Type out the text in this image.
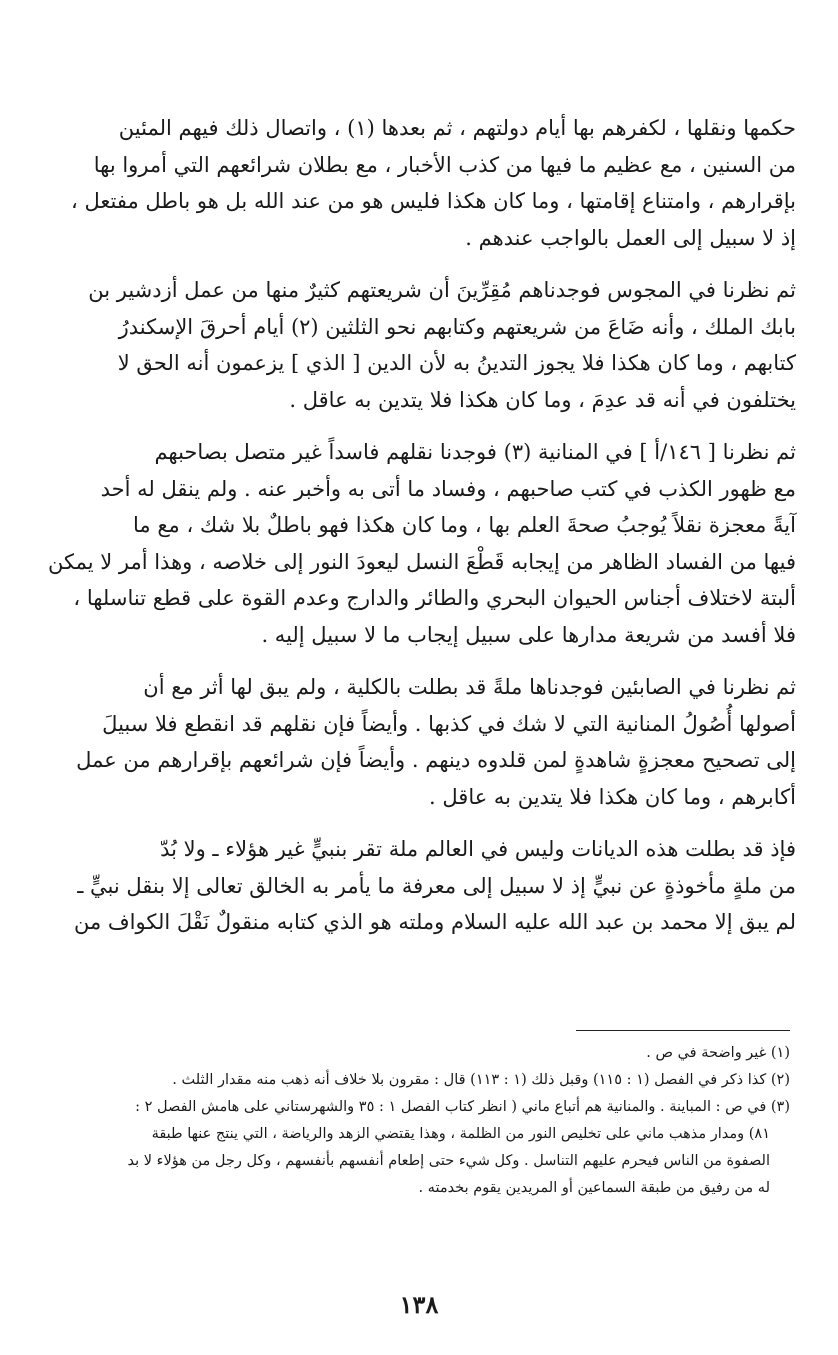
حكمها ونقلها ، لكفرهم بها أيام دولتهم ، ثم بعدها (١) ، واتصال ذلك فيهم المئين
من السنين ، مع عظيم ما فيها من كذب الأخبار ، مع بطلان شرائعهم التي أمروا بها
بإقرارهم ، وامتناع إقامتها ، وما كان هكذا فليس هو من عند الله بل هو باطل مفتعل ،
إذ لا سبيل إلى العمل بالواجب عندهم .

ثم نظرنا في المجوس فوجدناهم مُقِرِّينَ أن شريعتهم كثيرٌ منها من عمل أزدشير بن
بابك الملك ، وأنه ضَاعَ من شريعتهم وكتابهم نحو الثلثين (٢) أيام أحرقَ الإسكندرُ
كتابهم ، وما كان هكذا فلا يجوز التدينُ به لأن الدين [ الذي ] يزعمون أنه الحق لا
يختلفون في أنه قد عدِمَ ، وما كان هكذا فلا يتدين به عاقل .

ثم نظرنا [ ١٤٦/أ ] في المنانية (٣) فوجدنا نقلهم فاسداً غير متصل بصاحبهم
مع ظهور الكذب في كتب صاحبهم ، وفساد ما أتى به وأخبر عنه . ولم ينقل له أحد
آيةً معجزة نقلاً يُوجبُ صحةَ العلم بها ، وما كان هكذا فهو باطلٌ بلا شك ، مع ما
فيها من الفساد الظاهر من إيجابه قَطْعَ النسل ليعودَ النور إلى خلاصه ، وهذا أمر لا يمكن
ألبتة لاختلاف أجناس الحيوان البحري والطائر والدارج وعدم القوة على قطع تناسلها ،
فلا أفسد من شريعة مدارها على سبيل إيجاب ما لا سبيل إليه .

ثم نظرنا في الصابئين فوجدناها ملةً قد بطلت بالكلية ، ولم يبق لها أثر مع أن
أصولها أُصُولُ المنانية التي لا شك في كذبها . وأيضاً فإن نقلهم قد انقطع فلا سبيلَ
إلى تصحيح معجزةٍ شاهدةٍ لمن قلدوه دينهم . وأيضاً فإن شرائعهم بإقرارهم من عمل
أكابرهم ، وما كان هكذا فلا يتدين به عاقل .

فإذ قد بطلت هذه الديانات وليس في العالم ملة تقر بنبيٍّ غير هؤلاء ـ ولا بُدّ
من ملةٍ مأخوذةٍ عن نبيٍّ إذ لا سبيل إلى معرفة ما يأمر به الخالق تعالى إلا بنقل نبيٍّ ـ
لم يبق إلا محمد بن عبد الله عليه السلام وملته هو الذي كتابه منقولٌ نَقْلَ الكواف من

(١) غير واضحة في ص .

(٢) كذا ذكر في الفصل (١ : ١١٥) وقبل ذلك (١ : ١١٣) قال : مقرون بلا خلاف أنه ذهب منه مقدار الثلث .

(٣) في ص : المباينة . والمنانية هم أتباع ماني ( انظر كتاب الفصل ١ : ٣٥ والشهرستاني على هامش الفصل ٢ :
٨١) ومدار مذهب ماني على تخليص النور من الظلمة ، وهذا يقتضي الزهد والرياضة ، التي ينتج عنها طبقة
الصفوة من الناس فيحرم عليهم التناسل . وكل شيء حتى إطعام أنفسهم بأنفسهم ، وكل رجل من هؤلاء لا بد
له من رفيق من طبقة السماعين أو المريدين يقوم بخدمته .

١٣٨
